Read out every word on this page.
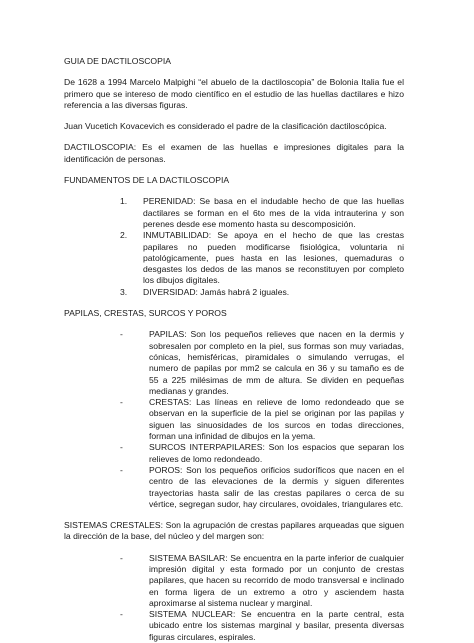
GUIA DE DACTILOSCOPIA

De 1628 a 1994 Marcelo Malpighi “el abuelo de la dactiloscopia” de Bolonia Italia fue el primero que se intereso de modo científico en el estudio de las huellas dactilares e hizo referencia a las diversas figuras.

Juan Vucetich Kovacevich es considerado el padre de la clasificación dactiloscópica.

DACTILOSCOPIA: Es el examen de las huellas e impresiones digitales para la identificación de personas.

FUNDAMENTOS DE LA DACTILOSCOPIA

1.	PERENIDAD: Se basa en el indudable hecho de que las huellas dactilares se forman en el 6to mes de la vida intrauterina y son perenes desde ese momento hasta su descomposición.
2.	INMUTABILIDAD: Se apoya en el hecho de que las crestas papilares no pueden modificarse fisiológica, voluntaria ni patológicamente, pues hasta en las lesiones, quemaduras o desgastes los dedos de las manos se reconstituyen por completo los dibujos digitales.
3.	DIVERSIDAD: Jamás habrá 2 iguales.

PAPILAS, CRESTAS, SURCOS Y POROS

-	PAPILAS: Son los pequeños relieves que nacen en la dermis y sobresalen por completo en la piel, sus formas son muy variadas, cónicas, hemisféricas, piramidales o simulando verrugas, el numero de papilas por mm2 se calcula en 36 y su tamaño es de 55 a 225 milésimas de mm de altura. Se dividen en pequeñas medianas y grandes.
-	CRESTAS: Las líneas en relieve de lomo redondeado que se observan en la superficie de la piel se originan por las papilas y siguen las sinuosidades de los surcos en todas direcciones, forman una infinidad de dibujos en la yema.
-	SURCOS INTERPAPILARES: Son los espacios que separan los relieves de lomo redondeado.
-	POROS: Son los pequeños orificios sudoríficos que nacen en el centro de las elevaciones de la dermis y siguen diferentes trayectorias hasta salir de las crestas papilares o cerca de su vértice, segregan sudor, hay circulares, ovoidales, triangulares etc.

SISTEMAS CRESTALES: Son la agrupación de crestas papilares arqueadas que siguen la dirección de la base, del núcleo y del margen son:

-	SISTEMA BASILAR: Se encuentra en la parte inferior de cualquier impresión digital y esta formado por un conjunto de crestas papilares, que hacen su recorrido de modo transversal e inclinado en forma ligera de un extremo a otro y asciendem hasta aproximarse al sistema nuclear y marginal.
-	SISTEMA NUCLEAR: Se encuentra en la parte central, esta ubicado entre los sistemas marginal y basilar, presenta diversas figuras circulares, espirales.
